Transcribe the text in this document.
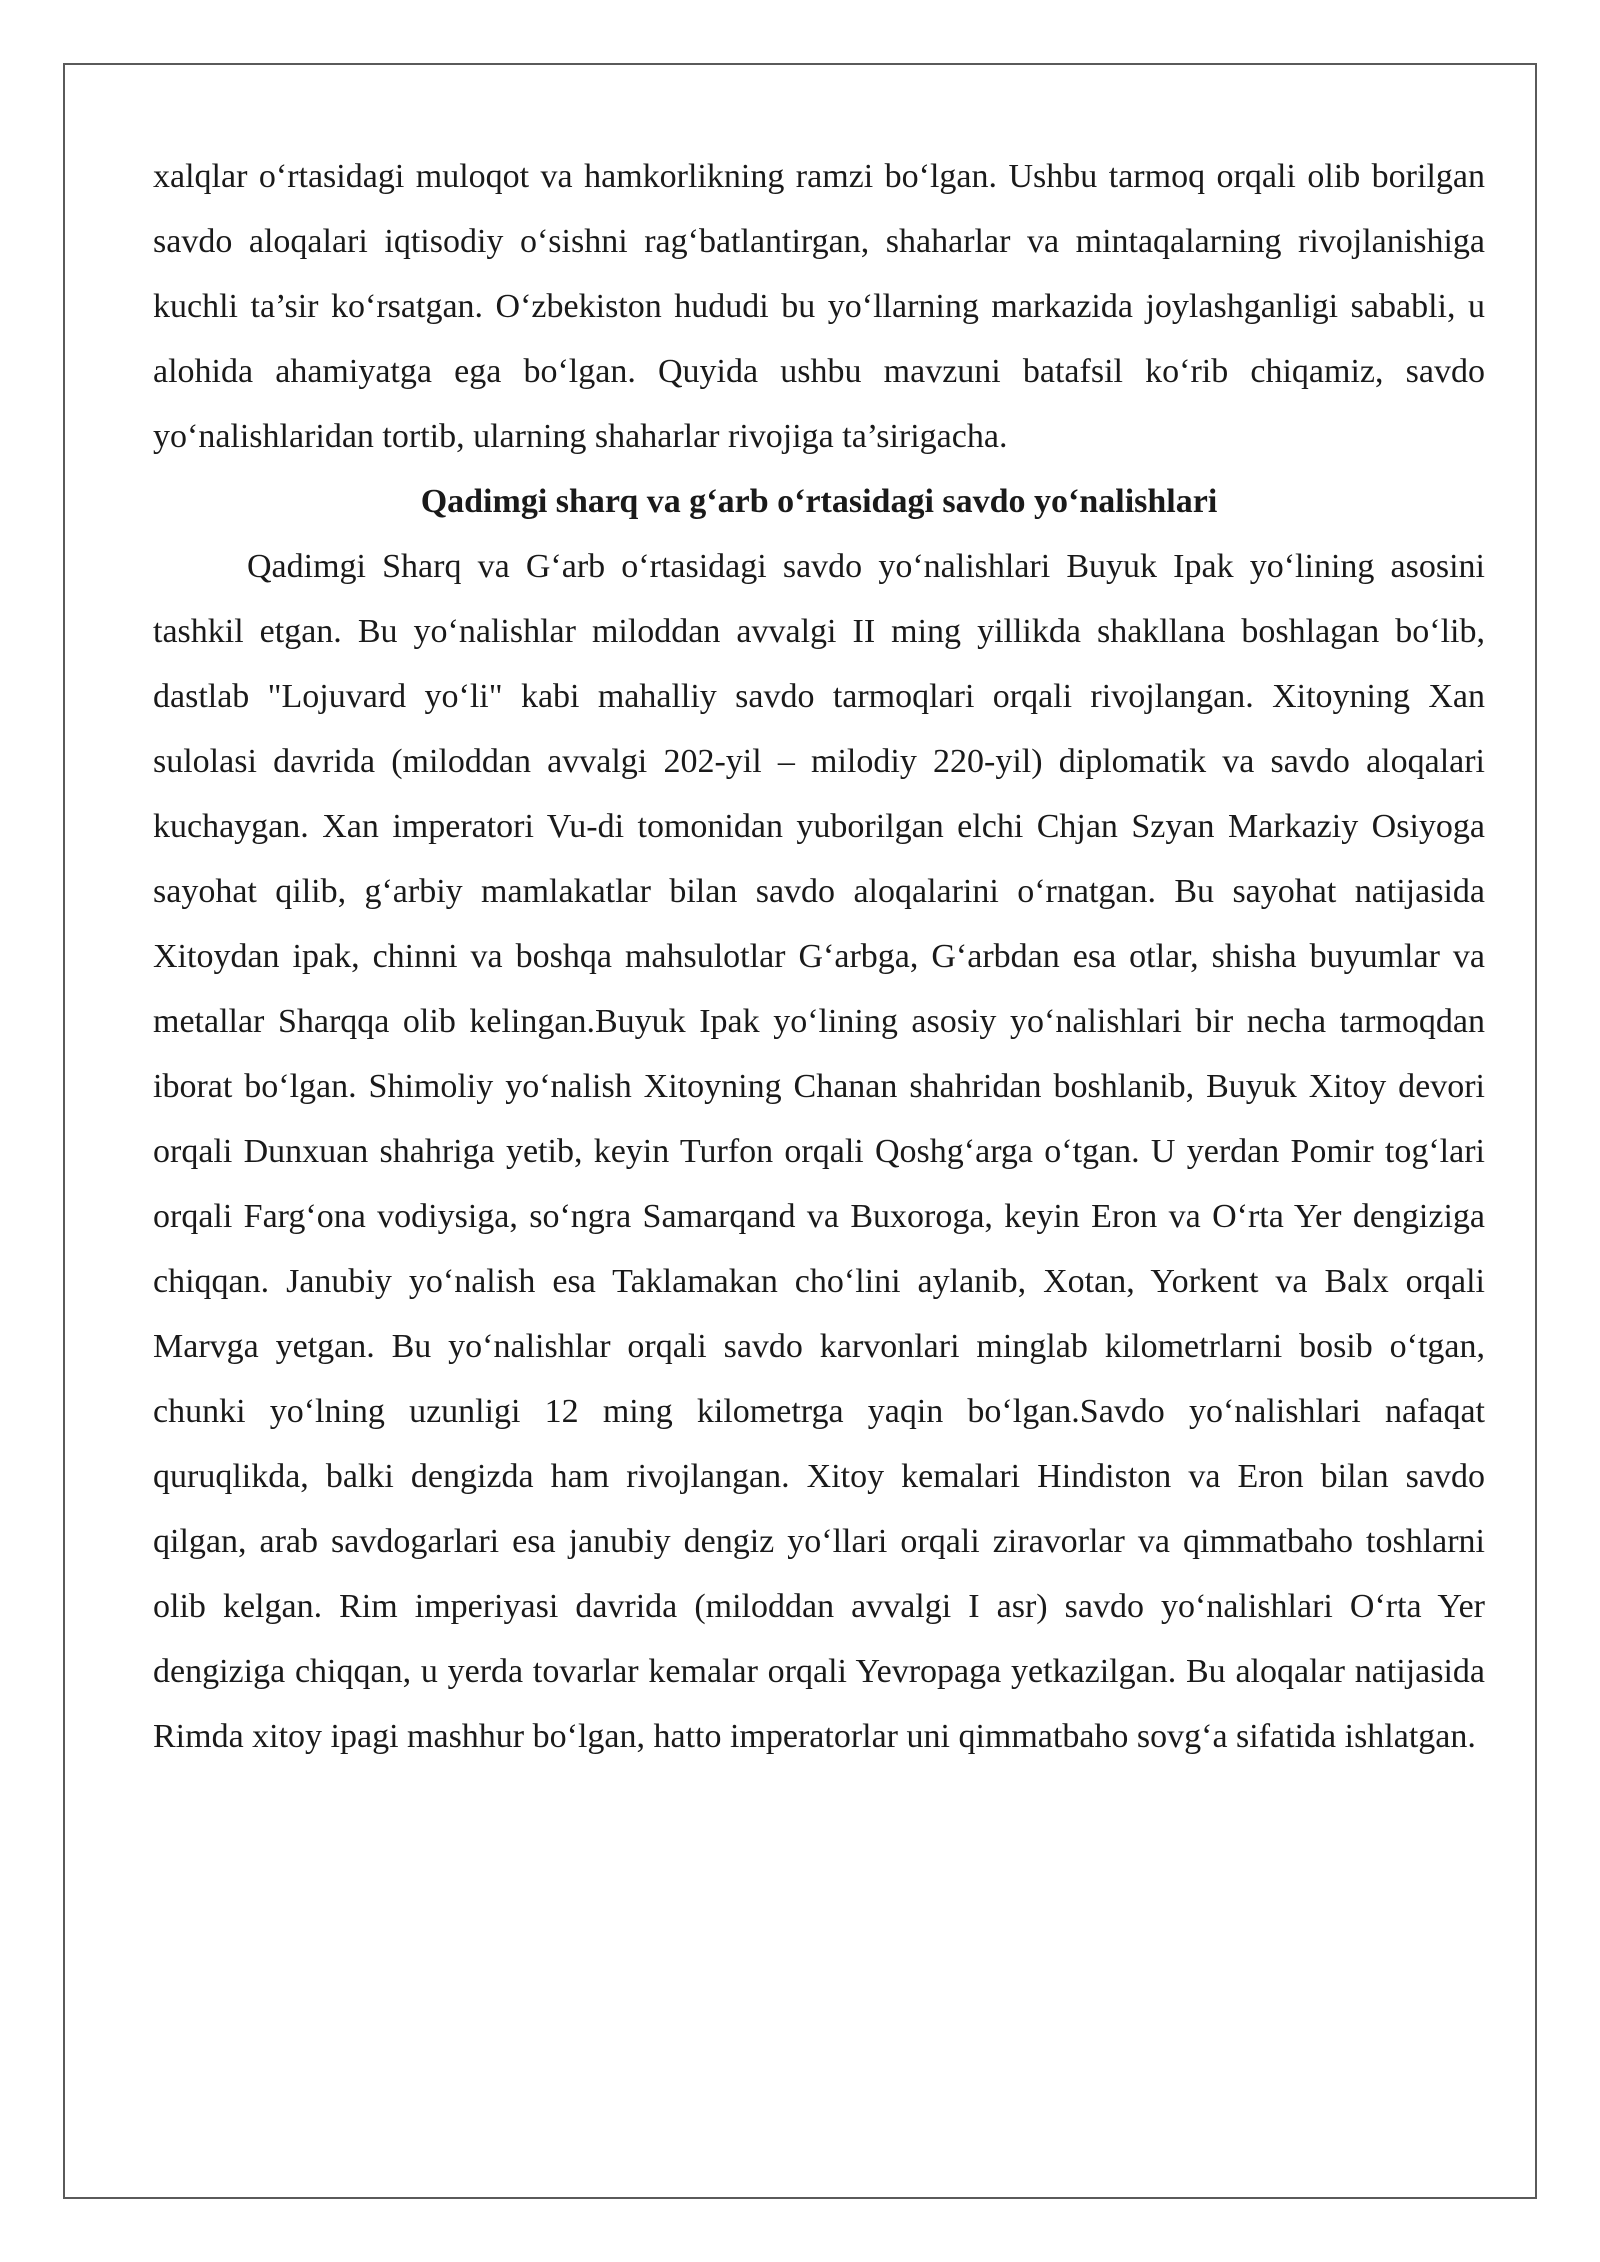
xalqlar o‘rtasidagi muloqot va hamkorlikning ramzi bo‘lgan. Ushbu tarmoq orqali olib borilgan savdo aloqalari iqtisodiy o‘sishni rag‘batlantirgan, shaharlar va mintaqalarning rivojlanishiga kuchli ta’sir ko‘rsatgan. O‘zbekiston hududi bu yo‘llarning markazida joylashganligi sababli, u alohida ahamiyatga ega bo‘lgan. Quyida ushbu mavzuni batafsil ko‘rib chiqamiz, savdo yo‘nalishlaridan tortib, ularning shaharlar rivojiga ta’sirigacha.

Qadimgi sharq va g‘arb o‘rtasidagi savdo yo‘nalishlari

Qadimgi Sharq va G‘arb o‘rtasidagi savdo yo‘nalishlari Buyuk Ipak yo‘lining asosini tashkil etgan. Bu yo‘nalishlar miloddan avvalgi II ming yillikda shakllana boshlagan bo‘lib, dastlab "Lojuvard yo‘li" kabi mahalliy savdo tarmoqlari orqali rivojlangan. Xitoyning Xan sulolasi davrida (miloddan avvalgi 202-yil – milodiy 220-yil) diplomatik va savdo aloqalari kuchaygan. Xan imperatori Vu-di tomonidan yuborilgan elchi Chjan Szyan Markaziy Osiyoga sayohat qilib, g‘arbiy mamlakatlar bilan savdo aloqalarini o‘rnatgan. Bu sayohat natijasida Xitoydan ipak, chinni va boshqa mahsulotlar G‘arbga, G‘arbdan esa otlar, shisha buyumlar va metallar Sharqqa olib kelingan.Buyuk Ipak yo‘lining asosiy yo‘nalishlari bir necha tarmoqdan iborat bo‘lgan. Shimoliy yo‘nalish Xitoyning Chanan shahridan boshlanib, Buyuk Xitoy devori orqali Dunxuan shahriga yetib, keyin Turfon orqali Qoshg‘arga o‘tgan. U yerdan Pomir tog‘lari orqali Farg‘ona vodiysiga, so‘ngra Samarqand va Buxoroga, keyin Eron va O‘rta Yer dengiziga chiqqan. Janubiy yo‘nalish esa Taklamakan cho‘lini aylanib, Xotan, Yorkent va Balx orqali Marvga yetgan. Bu yo‘nalishlar orqali savdo karvonlari minglab kilometrlarni bosib o‘tgan, chunki yo‘lning uzunligi 12 ming kilometrga yaqin bo‘lgan.Savdo yo‘nalishlari nafaqat quruqlikda, balki dengizda ham rivojlangan. Xitoy kemalari Hindiston va Eron bilan savdo qilgan, arab savdogarlari esa janubiy dengiz yo‘llari orqali ziravorlar va qimmatbaho toshlarni olib kelgan. Rim imperiyasi davrida (miloddan avvalgi I asr) savdo yo‘nalishlari O‘rta Yer dengiziga chiqqan, u yerda tovarlar kemalar orqali Yevropaga yetkazilgan. Bu aloqalar natijasida Rimda xitoy ipagi mashhur bo‘lgan, hatto imperatorlar uni qimmatbaho sovg‘a sifatida ishlatgan.
